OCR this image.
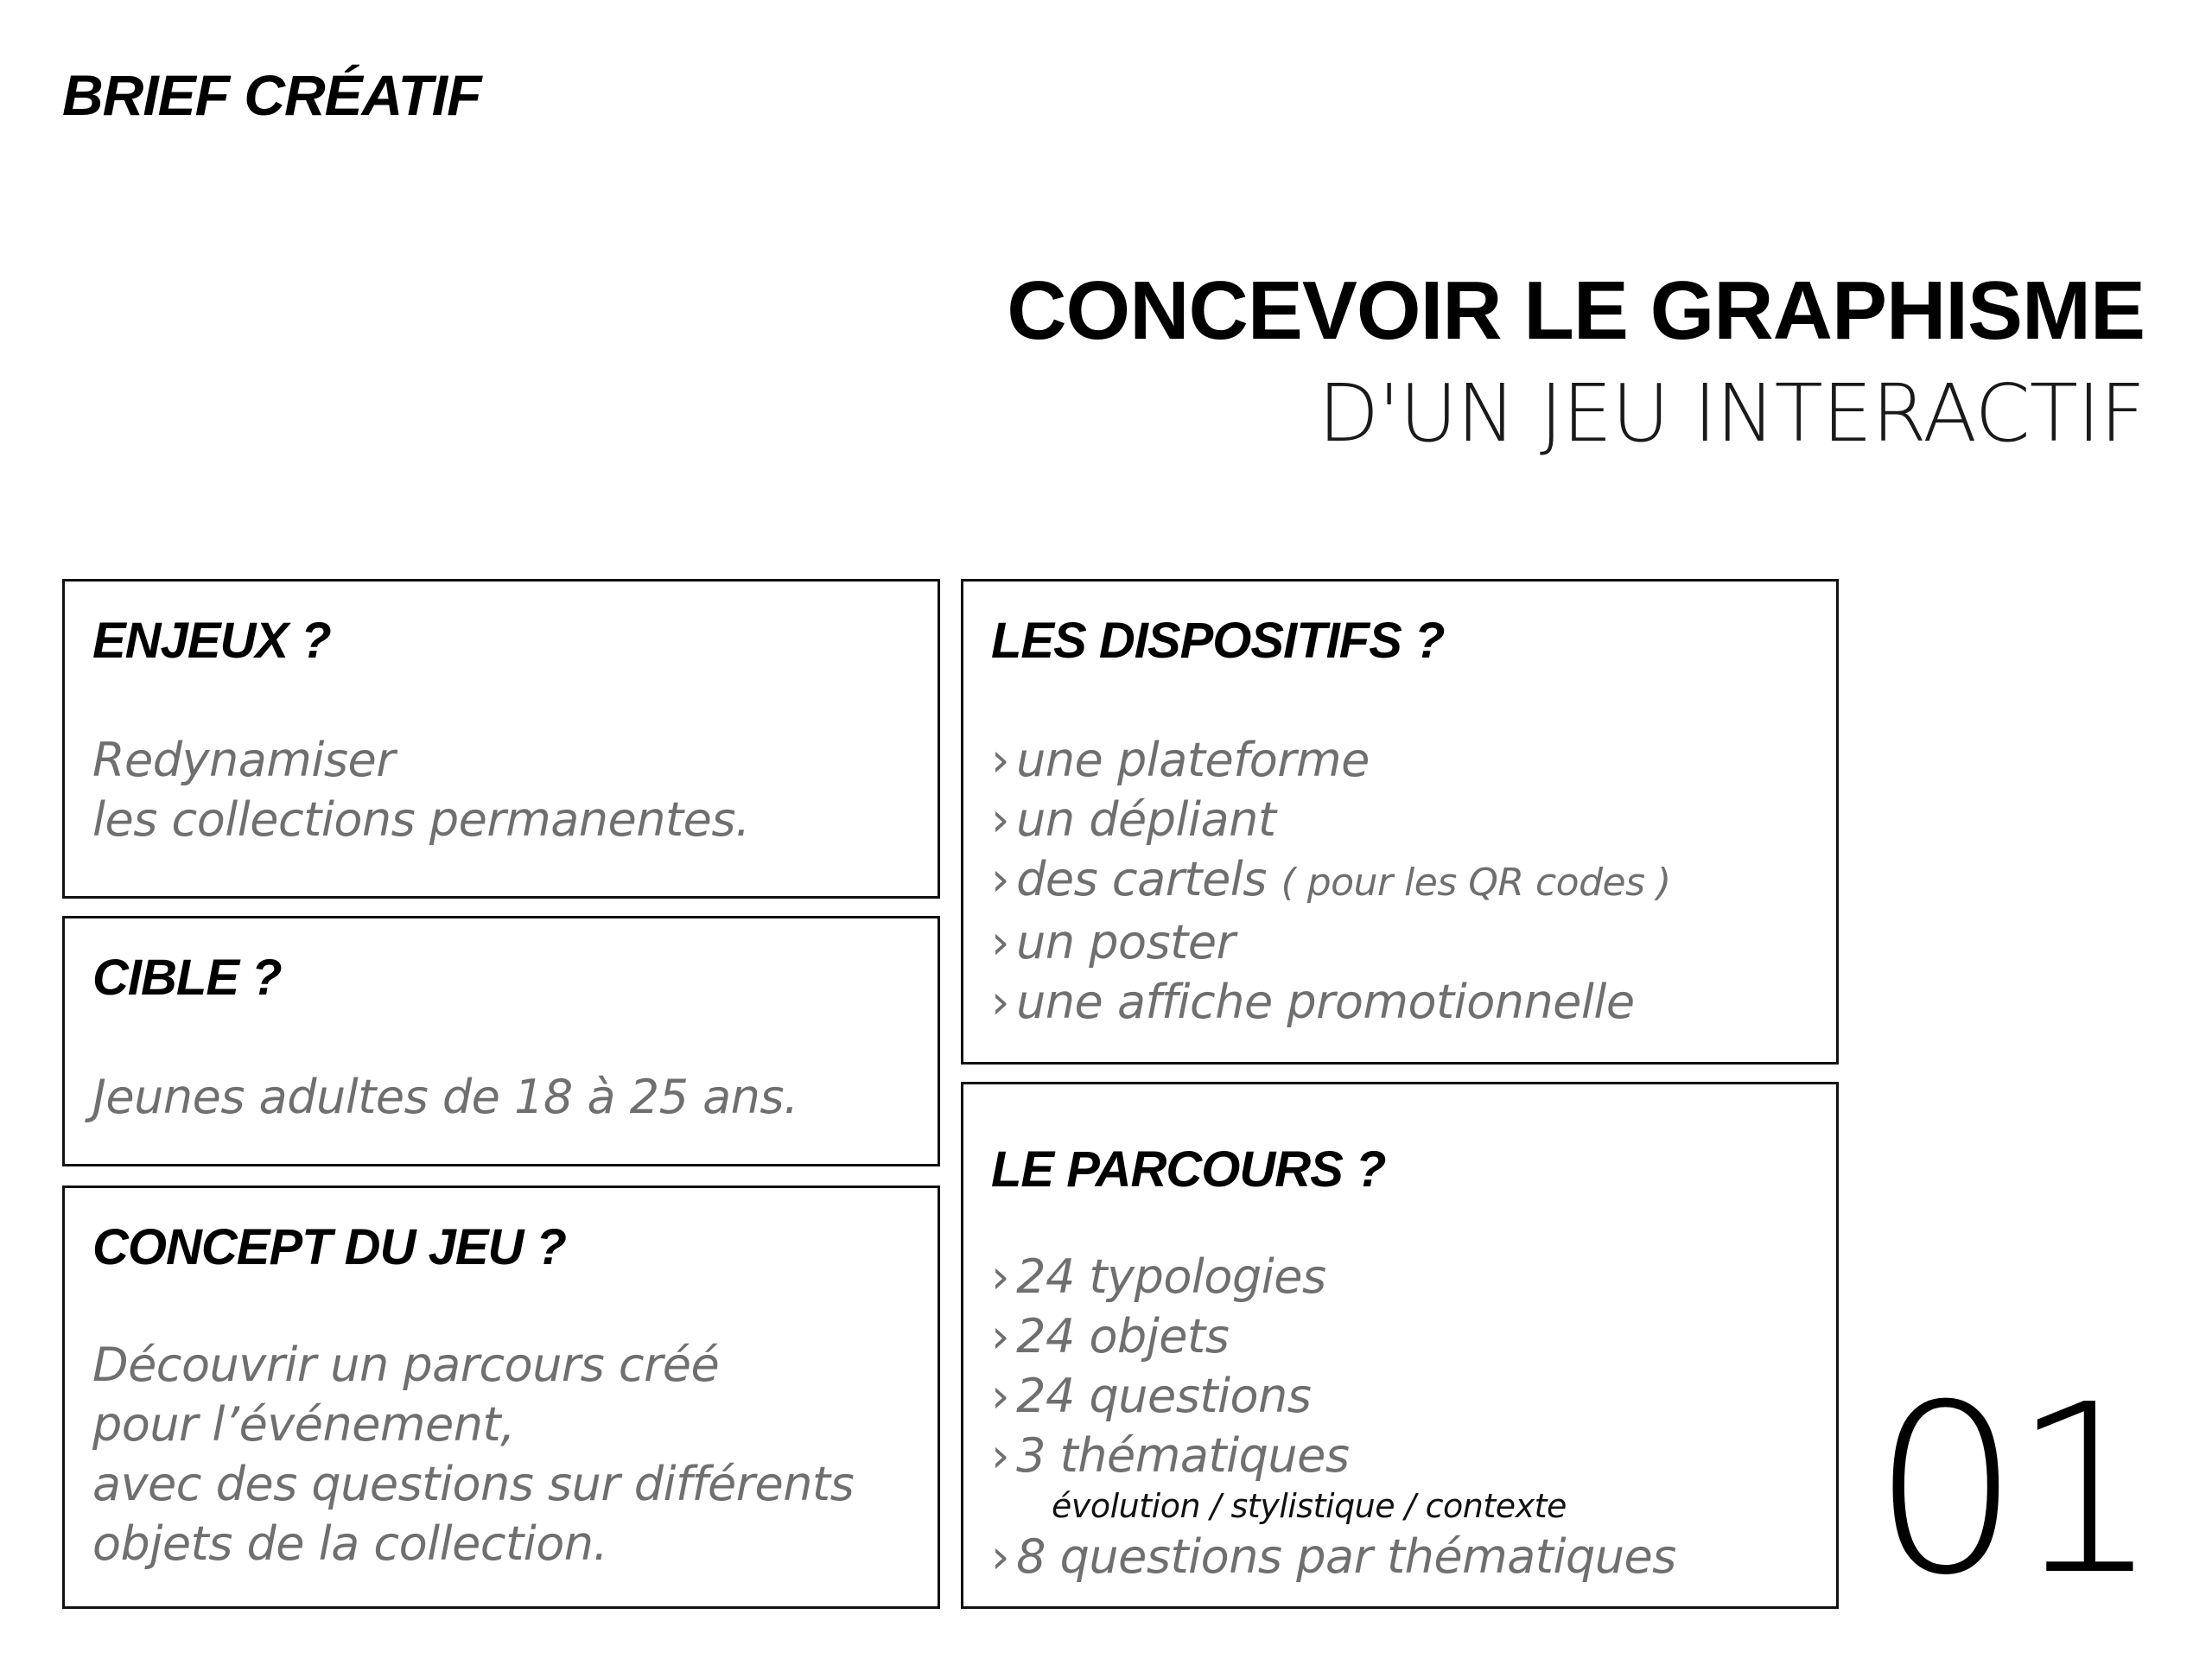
BRIEF CRÉATIF
CONCEVOIR LE GRAPHISME
D'UN JEU INTERACTIF
ENJEUX ?
Redynamiser
les collections permanentes.
CIBLE ?
Jeunes adultes de 18 à 25 ans.
CONCEPT DU JEU ?
Découvrir un parcours créé
pour l’événement,
avec des questions sur différents
objets de la collection.
LES DISPOSITIFS ?
› une plateforme
› un dépliant
› des cartels ( pour les QR codes )
› un poster
› une affiche promotionnelle
LE PARCOURS ?
› 24 typologies
› 24 objets
› 24 questions
› 3 thématiques
évolution / stylistique / contexte
› 8 questions par thématiques 01
